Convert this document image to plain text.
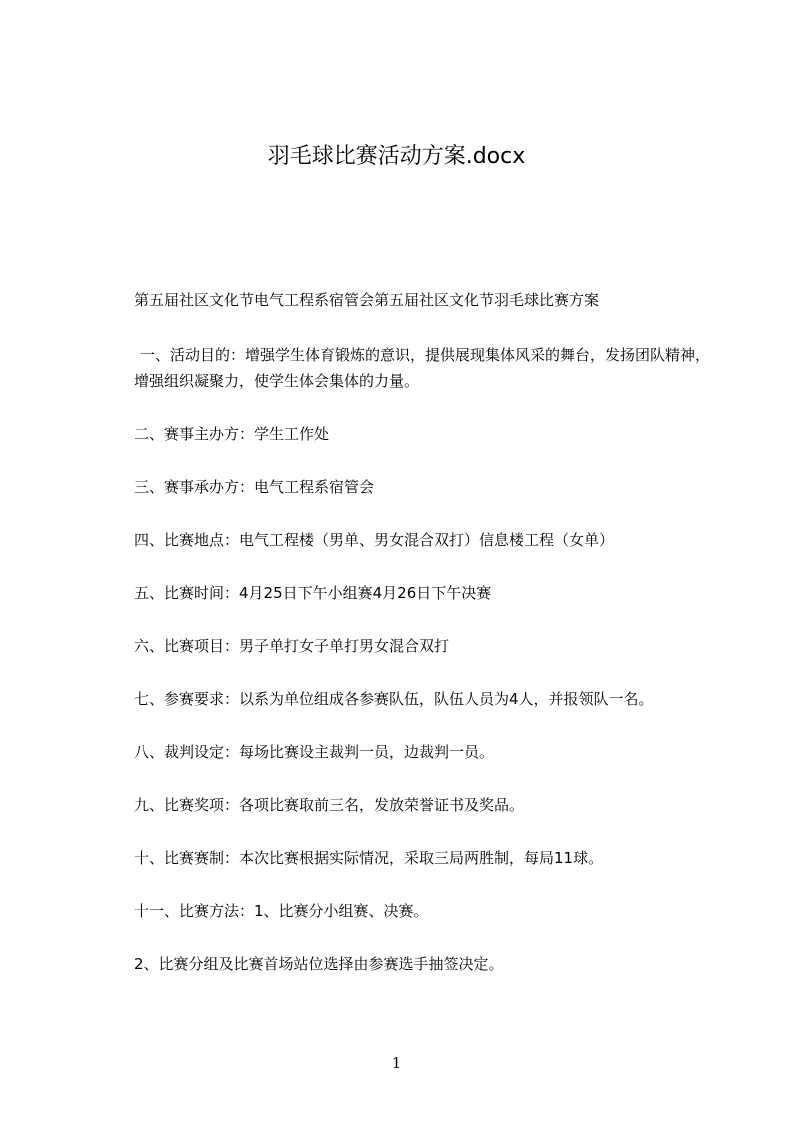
羽毛球比赛活动方案.docx
第五届社区文化节电气工程系宿管会第五届社区文化节羽毛球比赛方案
一、活动目的：增强学生体育锻炼的意识，提供展现集体风采的舞台，发扬团队精神，增强组织凝聚力，使学生体会集体的力量。
二、赛事主办方：学生工作处
三、赛事承办方：电气工程系宿管会
四、比赛地点：电气工程楼（男单、男女混合双打）信息楼工程（女单）
五、比赛时间：4月25日下午小组赛4月26日下午决赛
六、比赛项目：男子单打女子单打男女混合双打
七、参赛要求：以系为单位组成各参赛队伍，队伍人员为4人，并报领队一名。
八、裁判设定：每场比赛设主裁判一员，边裁判一员。
九、比赛奖项：各项比赛取前三名，发放荣誉证书及奖品。
十、比赛赛制：本次比赛根据实际情况，采取三局两胜制，每局11球。
十一、比赛方法：1、比赛分小组赛、决赛。
2、比赛分组及比赛首场站位选择由参赛选手抽签决定。
1
